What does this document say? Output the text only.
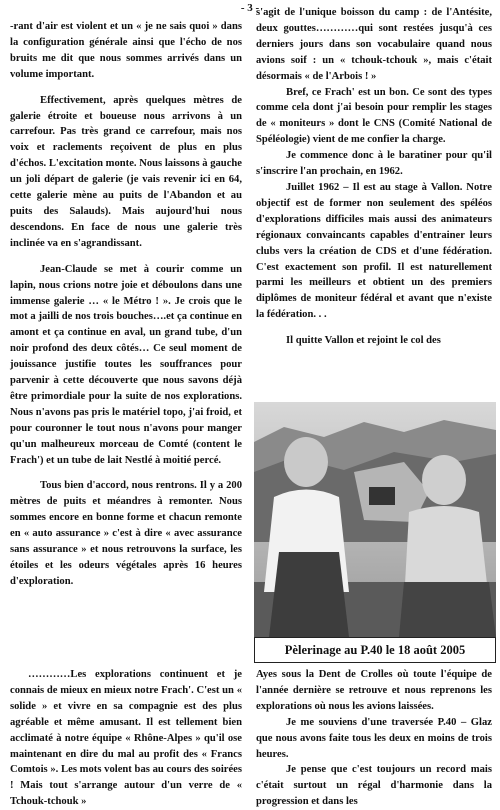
- 3 -

-rant d'air est violent et un « je ne sais quoi » dans la configuration générale ainsi que l'écho de nos bruits me dit que nous sommes arrivés dans un volume important.

Effectivement, après quelques mètres de galerie étroite et boueuse nous arrivons à un carrefour. Pas très grand ce carrefour, mais nos voix et raclements reçoivent de plus en plus d'échos. L'excitation monte. Nous laissons à gauche un joli départ de galerie (je vais revenir ici en 64, cette galerie mène au puits de l'Abandon et au puits des Salauds). Mais aujourd'hui nous descendons. En face de nous une galerie très inclinée va en s'agrandissant.

Jean-Claude se met à courir comme un lapin, nous crions notre joie et déboulons dans une immense galerie … « le Métro ! ». Je crois que le mot a jailli de nos trois bouches….et ça continue en amont et ça continue en aval, un grand tube, d'un noir profond des deux côtés… Ce seul moment de jouissance justifie toutes les souffrances pour parvenir à cette découverte que nous savons déjà être primordiale pour la suite de nos explorations. Nous n'avons pas pris le matériel topo, j'ai froid, et pour couronner le tout nous n'avons pour manger qu'un malheureux morceau de Comté (content le Frach') et un tube de lait Nestlé à moitié percé.

Tous bien d'accord, nous rentrons. Il y a 200 mètres de puits et méandres à remonter. Nous sommes encore en bonne forme et chacun remonte en « auto assurance » c'est à dire « avec assurance sans assurance » et nous retrouvons la surface, les étoiles et les odeurs végétales après 16 heures d'exploration.

s'agit de l'unique boisson du camp : de l'Antésite, deux gouttes…………qui sont restées jusqu'à ces derniers jours dans son vocabulaire quand nous avions soif : un « tchouk-tchouk », mais c'était désormais « de l'Arbois ! »

Bref, ce Frach' est un bon. Ce sont des types comme cela dont j'ai besoin pour remplir les stages de « moniteurs » dont le CNS (Comité National de Spéléologie) vient de me confier la charge.

Je commence donc à le baratiner pour qu'il s'inscrire l'an prochain, en 1962.

Juillet 1962 – Il est au stage à Vallon. Notre objectif est de former non seulement des spéléos d'explorations difficiles mais aussi des animateurs régionaux convaincants capables d'entrainer leurs clubs vers la création de CDS et d'une fédération. C'est exactement son profil. Il est naturellement parmi les meilleurs et obtient un des premiers diplômes de moniteur fédéral et avant que n'existe la fédération. . .

Il quitte Vallon et rejoint le col des

Pèlerinage au P.40 le 18 août 2005

…………Les explorations continuent et je connais de mieux en mieux notre Frach'. C'est un « solide » et vivre en sa compagnie est des plus agréable et même amusant. Il est tellement bien acclimaté à notre équipe « Rhône-Alpes » qu'il ose maintenant en dire du mal au profit des « Francs Comtois ». Les mots volent bas au cours des soirées ! Mais tout s'arrange autour d'un verre de « Tchouk-tchouk »

Ayes sous la Dent de Crolles où toute l'équipe de l'année dernière se retrouve et nous reprenons les explorations où nous les avions laissées.

Je me souviens d'une traversée P.40 – Glaz que nous avons faite tous les deux en moins de trois heures.

Je pense que c'est toujours un record mais c'était surtout un régal d'harmonie dans la progression et dans les
